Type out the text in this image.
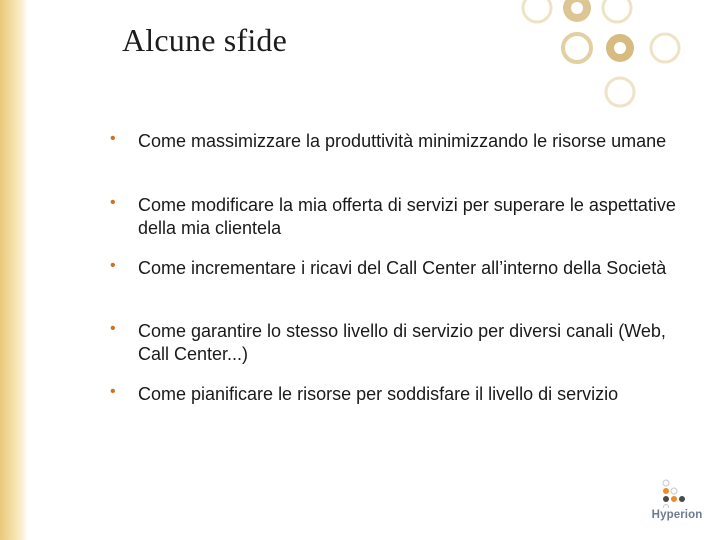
Alcune sfide
• Come massimizzare la produttività minimizzando le risorse umane
• Come modificare la mia offerta di servizi per superare le aspettative della mia clientela
• Come incrementare i ricavi del Call Center all’interno della Società
• Come garantire lo stesso livello di servizio per diversi canali (Web, Call Center...)
• Come pianificare le risorse per soddisfare il livello di servizio
Hyperion
